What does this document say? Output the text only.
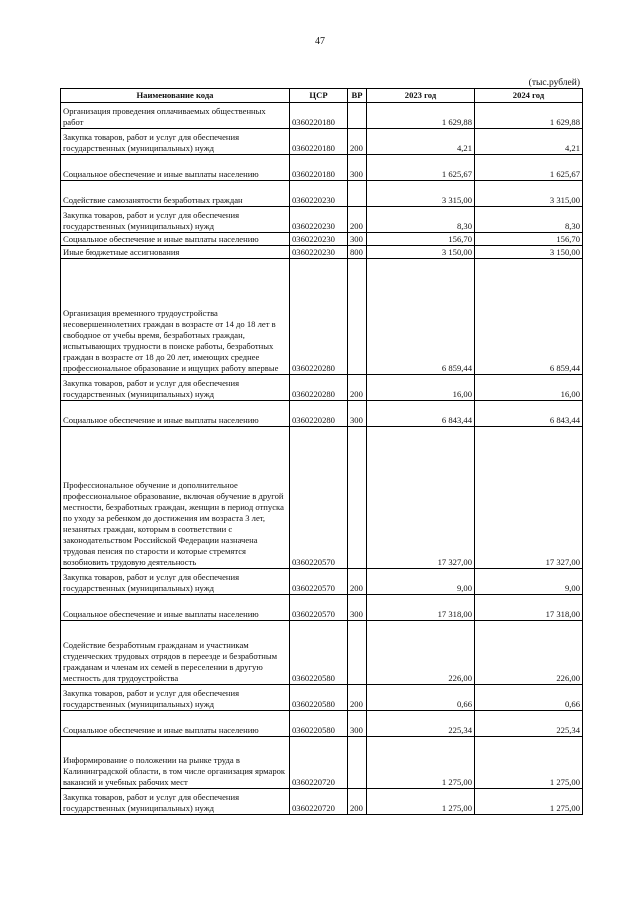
47
(тыс.рублей)
Наименование кода	ЦСР	ВР	2023 год	2024 год
Организация проведения оплачиваемых общественных работ	0360220180		1 629,88	1 629,88
Закупка товаров, работ и услуг для обеспечения государственных (муниципальных) нужд	0360220180	200	4,21	4,21
Социальное обеспечение и иные выплаты населению	0360220180	300	1 625,67	1 625,67
Содействие самозанятости безработных граждан	0360220230		3 315,00	3 315,00
Закупка товаров, работ и услуг для обеспечения государственных (муниципальных) нужд	0360220230	200	8,30	8,30
Социальное обеспечение и иные выплаты населению	0360220230	300	156,70	156,70
Иные бюджетные ассигнования	0360220230	800	3 150,00	3 150,00
Организация временного трудоустройства несовершеннолетних граждан в возрасте от 14 до 18 лет в свободное от учебы время, безработных граждан, испытывающих трудности в поиске работы, безработных граждан в возрасте от 18 до 20 лет, имеющих среднее профессиональное образование и ищущих работу впервые	0360220280		6 859,44	6 859,44
Закупка товаров, работ и услуг для обеспечения государственных (муниципальных) нужд	0360220280	200	16,00	16,00
Социальное обеспечение и иные выплаты населению	0360220280	300	6 843,44	6 843,44
Профессиональное обучение и дополнительное профессиональное образование, включая обучение в другой местности, безработных граждан, женщин в период отпуска по уходу за ребенком до достижения им возраста 3 лет, незанятых граждан, которым в соответствии с законодательством Российской Федерации назначена трудовая пенсия по старости и которые стремятся возобновить трудовую деятельность	0360220570		17 327,00	17 327,00
Закупка товаров, работ и услуг для обеспечения государственных (муниципальных) нужд	0360220570	200	9,00	9,00
Социальное обеспечение и иные выплаты населению	0360220570	300	17 318,00	17 318,00
Содействие безработным гражданам и участникам студенческих трудовых отрядов в переезде и безработным гражданам и членам их семей в переселении в другую местность для трудоустройства	0360220580		226,00	226,00
Закупка товаров, работ и услуг для обеспечения государственных (муниципальных) нужд	0360220580	200	0,66	0,66
Социальное обеспечение и иные выплаты населению	0360220580	300	225,34	225,34
Информирование о положении на рынке труда в Калининградской области, в том числе организация ярмарок вакансий и учебных рабочих мест	0360220720		1 275,00	1 275,00
Закупка товаров, работ и услуг для обеспечения государственных (муниципальных) нужд	0360220720	200	1 275,00	1 275,00
